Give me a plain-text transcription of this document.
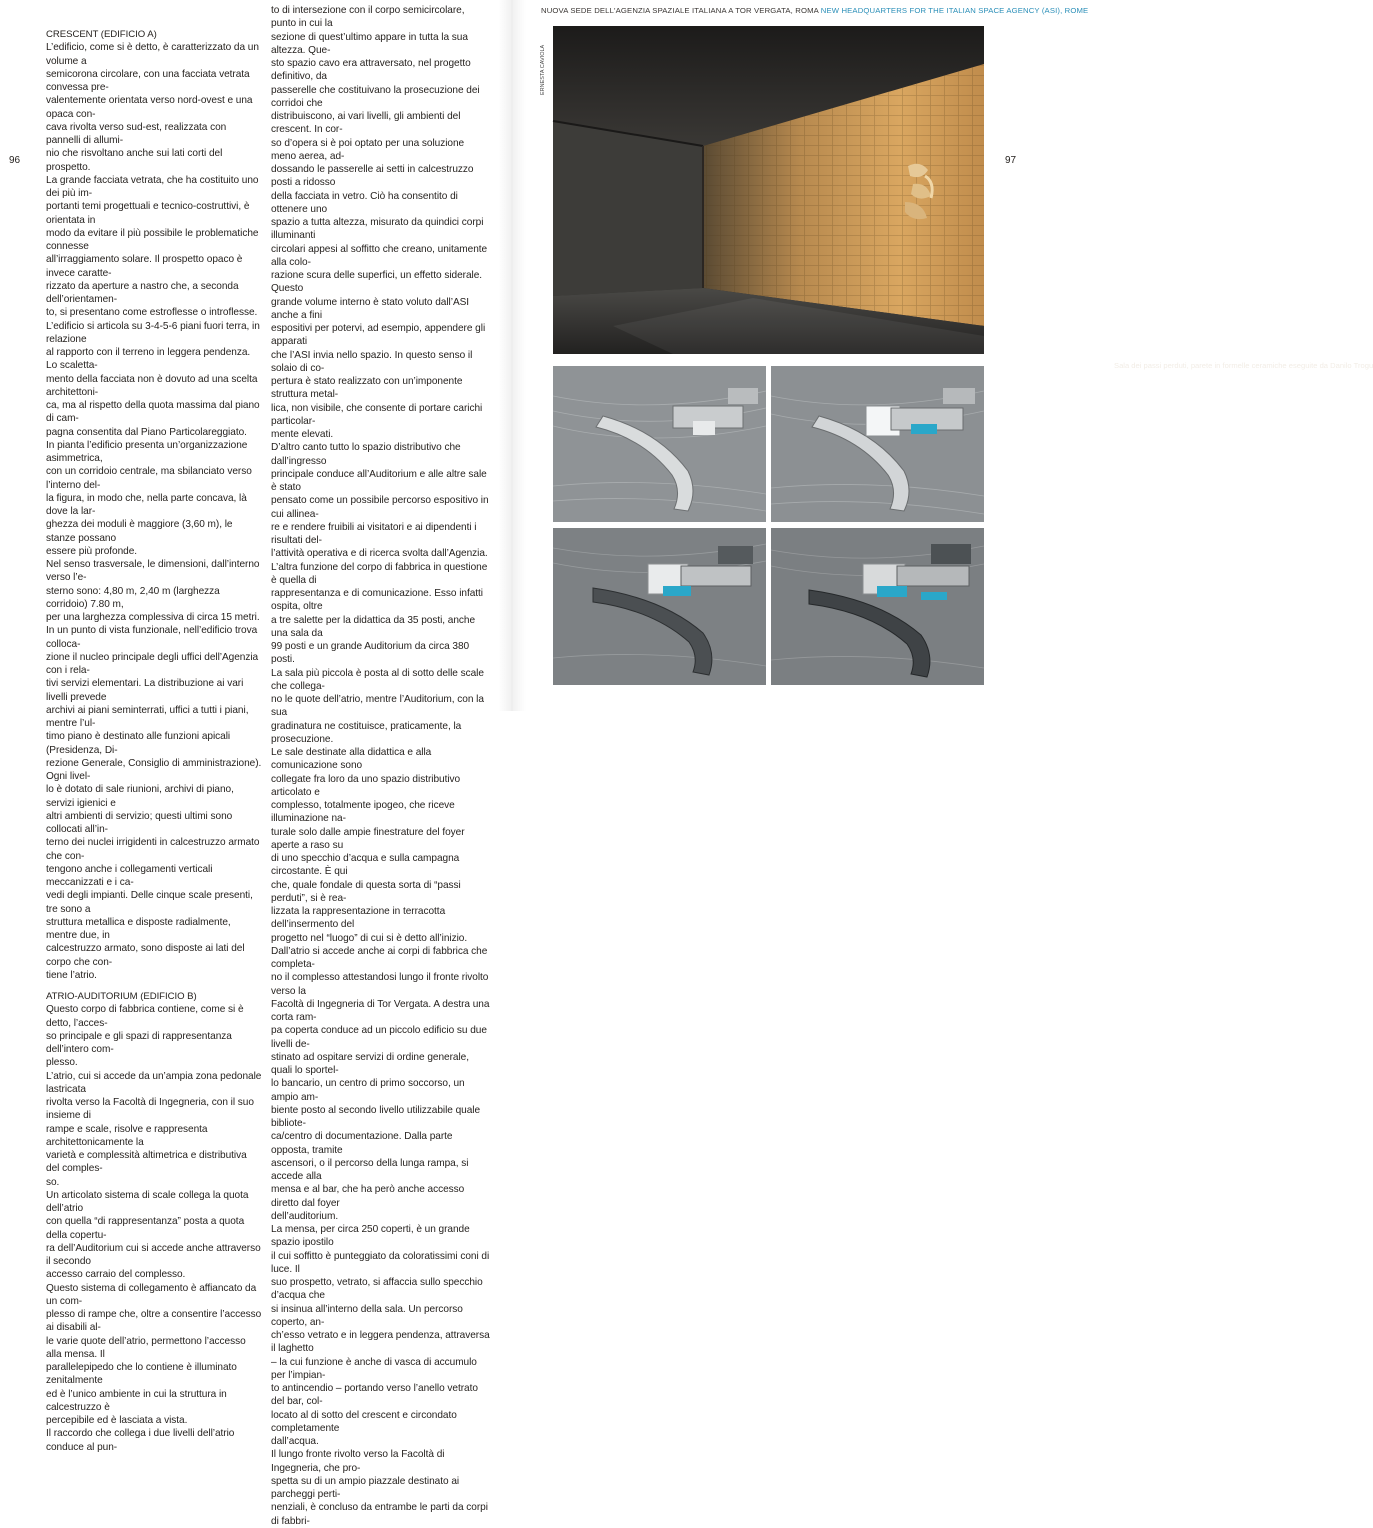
CRESCENT (EDIFICIO A)

L’edificio, come si è detto, è caratterizzato da un volume a
semicorona circolare, con una facciata vetrata convessa pre-
valentemente orientata verso nord-ovest e una opaca con-
cava rivolta verso sud-est, realizzata con pannelli di allumi-
nio che risvoltano anche sui lati corti del prospetto.
La grande facciata vetrata, che ha costituito uno dei più im-
portanti temi progettuali e tecnico-costruttivi, è orientata in
modo da evitare il più possibile le problematiche connesse
all’irraggiamento solare. Il prospetto opaco è invece caratte-
rizzato da aperture a nastro che, a seconda dell’orientamen-
to, si presentano come estroflesse o introflesse.
L’edificio si articola su 3-4-5-6 piani fuori terra, in relazione
al rapporto con il terreno in leggera pendenza. Lo scaletta-
mento della facciata non è dovuto ad una scelta architettoni-
ca, ma al rispetto della quota massima dal piano di cam-
pagna consentita dal Piano Particolareggiato.
In pianta l’edificio presenta un’organizzazione asimmetrica,
con un corridoio centrale, ma sbilanciato verso l’interno del-
la figura, in modo che, nella parte concava, là dove la lar-
ghezza dei moduli è maggiore (3,60 m), le stanze possano
essere più profonde.
Nel senso trasversale, le dimensioni, dall’interno verso l’e-
sterno sono: 4,80 m, 2,40 m (larghezza corridoio) 7.80 m,
per una larghezza complessiva di circa 15 metri.
In un punto di vista funzionale, nell’edificio trova colloca-
zione il nucleo principale degli uffici dell’Agenzia con i rela-
tivi servizi elementari. La distribuzione ai vari livelli prevede
archivi ai piani seminterrati, uffici a tutti i piani, mentre l’ul-
timo piano è destinato alle funzioni apicali (Presidenza, Di-
rezione Generale, Consiglio di amministrazione). Ogni livel-
lo è dotato di sale riunioni, archivi di piano, servizi igienici e
altri ambienti di servizio; questi ultimi sono collocati all’in-
terno dei nuclei irrigidenti in calcestruzzo armato che con-
tengono anche i collegamenti verticali meccanizzati e i ca-
vedi degli impianti. Delle cinque scale presenti, tre sono a
struttura metallica e disposte radialmente, mentre due, in
calcestruzzo armato, sono disposte ai lati del corpo che con-
tiene l’atrio.

ATRIO-AUDITORIUM (EDIFICIO B)

Questo corpo di fabbrica contiene, come si è detto, l’acces-
so principale e gli spazi di rappresentanza dell’intero com-
plesso.
L’atrio, cui si accede da un’ampia zona pedonale lastricata
rivolta verso la Facoltà di Ingegneria, con il suo insieme di
rampe e scale, risolve e rappresenta architettonicamente la
varietà e complessità altimetrica e distributiva del comples-
so.
Un articolato sistema di scale collega la quota dell’atrio
con quella “di rappresentanza” posta a quota della copertu-
ra dell’Auditorium cui si accede anche attraverso il secondo
accesso carraio del complesso.
Questo sistema di collegamento è affiancato da un com-
plesso di rampe che, oltre a consentire l’accesso ai disabili al-
le varie quote dell’atrio, permettono l’accesso alla mensa. Il
parallelepipedo che lo contiene è illuminato zenitalmente
ed è l’unico ambiente in cui la struttura in calcestruzzo è
percepibile ed è lasciata a vista.
Il raccordo che collega i due livelli dell’atrio conduce al pun-

to di intersezione con il corpo semicircolare, punto in cui la
sezione di quest’ultimo appare in tutta la sua altezza. Que-
sto spazio cavo era attraversato, nel progetto definitivo, da
passerelle che costituivano la prosecuzione dei corridoi che
distribuiscono, ai vari livelli, gli ambienti del crescent. In cor-
so d’opera si è poi optato per una soluzione meno aerea, ad-
dossando le passerelle ai setti in calcestruzzo posti a ridosso
della facciata in vetro. Ciò ha consentito di ottenere uno
spazio a tutta altezza, misurato da quindici corpi illuminanti
circolari appesi al soffitto che creano, unitamente alla colo-
razione scura delle superfici, un effetto siderale. Questo
grande volume interno è stato voluto dall’ASI anche a fini
espositivi per potervi, ad esempio, appendere gli apparati
che l’ASI invia nello spazio. In questo senso il solaio di co-
pertura è stato realizzato con un’imponente struttura metal-
lica, non visibile, che consente di portare carichi particolar-
mente elevati.
D’altro canto tutto lo spazio distributivo che dall’ingresso
principale conduce all’Auditorium e alle altre sale è stato
pensato come un possibile percorso espositivo in cui allinea-
re e rendere fruibili ai visitatori e ai dipendenti i risultati del-
l’attività operativa e di ricerca svolta dall’Agenzia.
L’altra funzione del corpo di fabbrica in questione è quella di
rappresentanza e di comunicazione. Esso infatti ospita, oltre
a tre salette per la didattica da 35 posti, anche una sala da
99 posti e un grande Auditorium da circa 380 posti.
La sala più piccola è posta al di sotto delle scale che collega-
no le quote dell’atrio, mentre l’Auditorium, con la sua
gradinatura ne costituisce, praticamente, la prosecuzione.
Le sale destinate alla didattica e alla comunicazione sono
collegate fra loro da uno spazio distributivo articolato e
complesso, totalmente ipogeo, che riceve illuminazione na-
turale solo dalle ampie finestrature del foyer aperte a raso su
di uno specchio d’acqua e sulla campagna circostante. È qui
che, quale fondale di questa sorta di “passi perduti”, si è rea-
lizzata la rappresentazione in terracotta dell’insermento del
progetto nel “luogo” di cui si è detto all’inizio.
Dall’atrio si accede anche ai corpi di fabbrica che completa-
no il complesso attestandosi lungo il fronte rivolto verso la
Facoltà di Ingegneria di Tor Vergata. A destra una corta ram-
pa coperta conduce ad un piccolo edificio su due livelli de-
stinato ad ospitare servizi di ordine generale, quali lo sportel-
lo bancario, un centro di primo soccorso, un ampio am-
biente posto al secondo livello utilizzabile quale bibliote-
ca/centro di documentazione. Dalla parte opposta, tramite
ascensori, o il percorso della lunga rampa, si accede alla
mensa e al bar, che ha però anche accesso diretto dal foyer
dell’auditorium.
La mensa, per circa 250 coperti, è un grande spazio ipostilo
il cui soffitto è punteggiato da coloratissimi coni di luce. Il
suo prospetto, vetrato, si affaccia sullo specchio d’acqua che
si insinua all’interno della sala. Un percorso coperto, an-
ch’esso vetrato e in leggera pendenza, attraversa il laghetto
– la cui funzione è anche di vasca di accumulo per l’impian-
to antincendio – portando verso l’anello vetrato del bar, col-
locato al di sotto del crescent e circondato completamente
dall’acqua.
Il lungo fronte rivolto verso la Facoltà di Ingegneria, che pro-
spetta su di un ampio piazzale destinato ai parcheggi perti-
nenziali, è concluso da entrambe le parti da corpi di fabbri-

96	97
NUOVA SEDE DELL'AGENZIA SPAZIALE ITALIANA A TOR VERGATA, ROMA NEW HEADQUARTERS FOR THE ITALIAN SPACE AGENCY (ASI), ROME
ERNESTA CAVIOLA
Sala dei passi perduti, parete in formelle ceramiche eseguite da Danilo Trogu
